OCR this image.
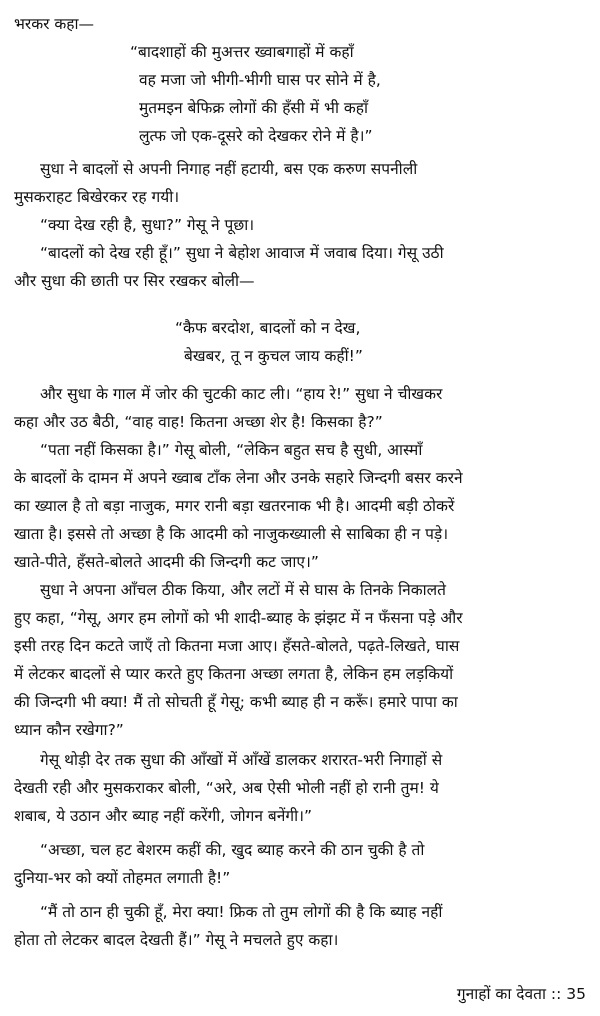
भरकर कहा—
“बादशाहों की मुअत्तर ख्वाबगाहों में कहाँ
वह मजा जो भीगी-भीगी घास पर सोने में है,
मुतमइन बेफिक्र लोगों की हँसी में भी कहाँ
लुत्फ जो एक-दूसरे को देखकर रोने में है।”
सुधा ने बादलों से अपनी निगाह नहीं हटायी, बस एक करुण सपनीली
मुसकराहट बिखेरकर रह गयी।
“क्या देख रही है, सुधा?” गेसू ने पूछा।
“बादलों को देख रही हूँ।” सुधा ने बेहोश आवाज में जवाब दिया। गेसू उठी
और सुधा की छाती पर सिर रखकर बोली—
“कैफ बरदोश, बादलों को न देख,
बेखबर, तू न कुचल जाय कहीं!”
और सुधा के गाल में जोर की चुटकी काट ली। “हाय रे!” सुधा ने चीखकर
कहा और उठ बैठी, “वाह वाह! कितना अच्छा शेर है! किसका है?”
“पता नहीं किसका है।” गेसू बोली, “लेकिन बहुत सच है सुधी, आस्माँ
के बादलों के दामन में अपने ख्वाब टाँक लेना और उनके सहारे जिन्दगी बसर करने
का ख्याल है तो बड़ा नाजुक, मगर रानी बड़ा खतरनाक भी है। आदमी बड़ी ठोकरें
खाता है। इससे तो अच्छा है कि आदमी को नाजुकख्याली से साबिका ही न पड़े।
खाते-पीते, हँसते-बोलते आदमी की जिन्दगी कट जाए।”
सुधा ने अपना आँचल ठीक किया, और लटों में से घास के तिनके निकालते
हुए कहा, “गेसू, अगर हम लोगों को भी शादी-ब्याह के झंझट में न फँसना पड़े और
इसी तरह दिन कटते जाएँ तो कितना मजा आए। हँसते-बोलते, पढ़ते-लिखते, घास
में लेटकर बादलों से प्यार करते हुए कितना अच्छा लगता है, लेकिन हम लड़कियों
की जिन्दगी भी क्या! मैं तो सोचती हूँ गेसू; कभी ब्याह ही न करूँ। हमारे पापा का
ध्यान कौन रखेगा?”
गेसू थोड़ी देर तक सुधा की आँखों में आँखें डालकर शरारत-भरी निगाहों से
देखती रही और मुसकराकर बोली, “अरे, अब ऐसी भोली नहीं हो रानी तुम! ये
शबाब, ये उठान और ब्याह नहीं करेंगी, जोगन बनेंगी।”
“अच्छा, चल हट बेशरम कहीं की, खुद ब्याह करने की ठान चुकी है तो
दुनिया-भर को क्यों तोहमत लगाती है!”
“मैं तो ठान ही चुकी हूँ, मेरा क्या! फ्रिक तो तुम लोगों की है कि ब्याह नहीं
होता तो लेटकर बादल देखती हैं।” गेसू ने मचलते हुए कहा।
गुनाहों का देवता :: 35
